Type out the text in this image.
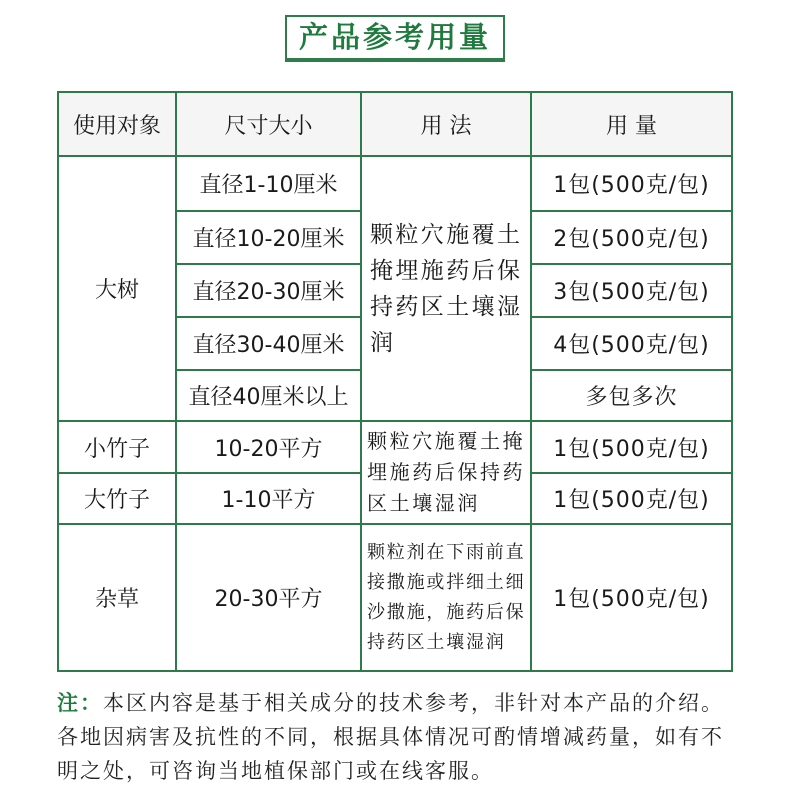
产品参考用量
使用对象	尺寸大小	用 法	用 量
大树	直径1-10厘米	颗粒穴施覆土掩埋施药后保持药区土壤湿润	1包(500克/包)
	直径10-20厘米		2包(500克/包)
	直径20-30厘米		3包(500克/包)
	直径30-40厘米		4包(500克/包)
	直径40厘米以上		多包多次
小竹子	10-20平方	颗粒穴施覆土掩埋施药后保持药区土壤湿润	1包(500克/包)
大竹子	1-10平方		1包(500克/包)
杂草	20-30平方	颗粒剂在下雨前直接撒施或拌细土细沙撒施，施药后保持药区土壤湿润	1包(500克/包)

注：本区内容是基于相关成分的技术参考，非针对本产品的介绍。各地因病害及抗性的不同，根据具体情况可酌情增减药量，如有不明之处，可咨询当地植保部门或在线客服。
